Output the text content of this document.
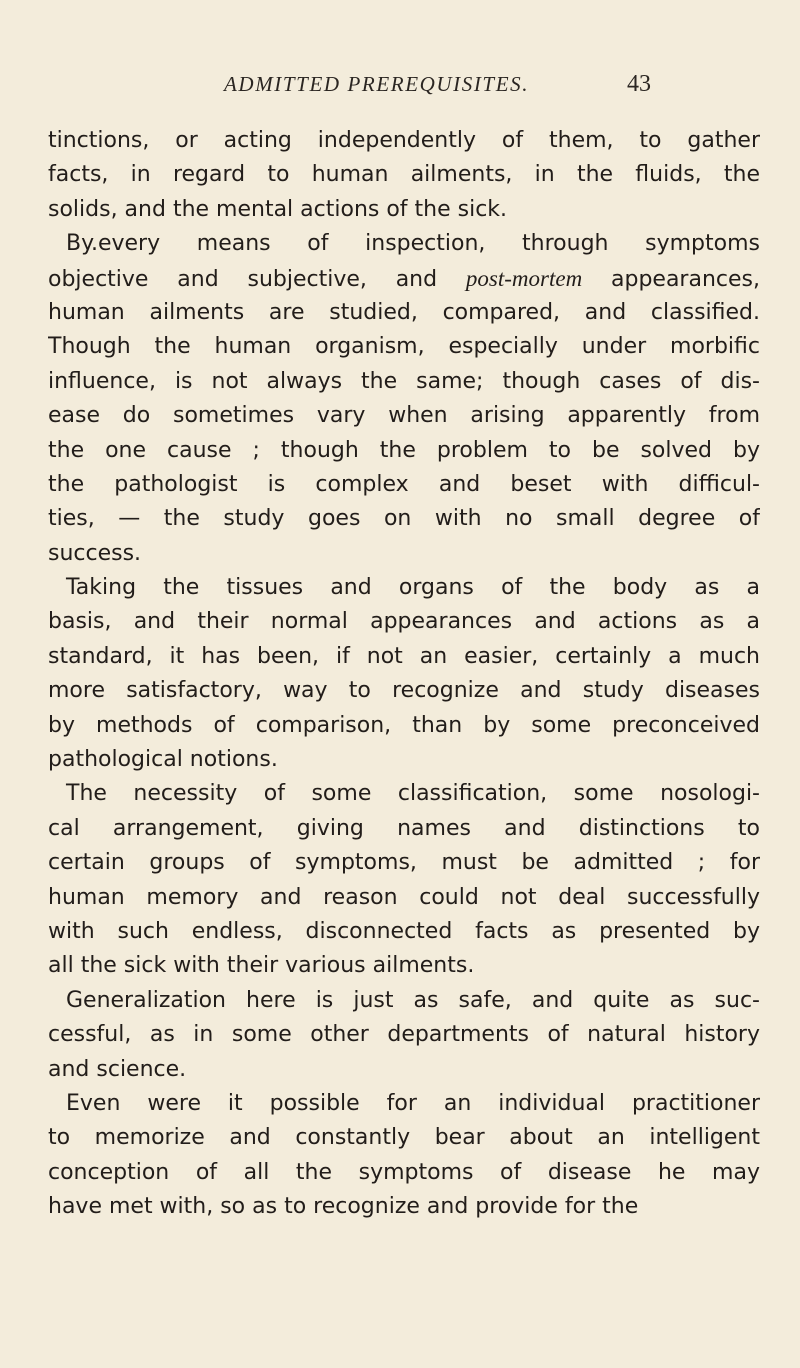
ADMITTED PREREQUISITES.	43
tinctions, or acting independently of them, to gather
facts, in regard to human ailments, in the fluids, the
solids, and the mental actions of the sick.
By.every means of inspection, through symptoms
objective and subjective, and post-mortem appearances,
human ailments are studied, compared, and classified.
Though the human organism, especially under morbific
influence, is not always the same; though cases of dis-
ease do sometimes vary when arising apparently from
the one cause ; though the problem to be solved by
the pathologist is complex and beset with difficul-
ties, — the study goes on with no small degree of
success.
Taking the tissues and organs of the body as a
basis, and their normal appearances and actions as a
standard, it has been, if not an easier, certainly a much
more satisfactory, way to recognize and study diseases
by methods of comparison, than by some preconceived
pathological notions.
The necessity of some classification, some nosologi-
cal arrangement, giving names and distinctions to
certain groups of symptoms, must be admitted ; for
human memory and reason could not deal successfully
with such endless, disconnected facts as presented by
all the sick with their various ailments.
Generalization here is just as safe, and quite as suc-
cessful, as in some other departments of natural history
and science.
Even were it possible for an individual practitioner
to memorize and constantly bear about an intelligent
conception of all the symptoms of disease he may
have met with, so as to recognize and provide for the
